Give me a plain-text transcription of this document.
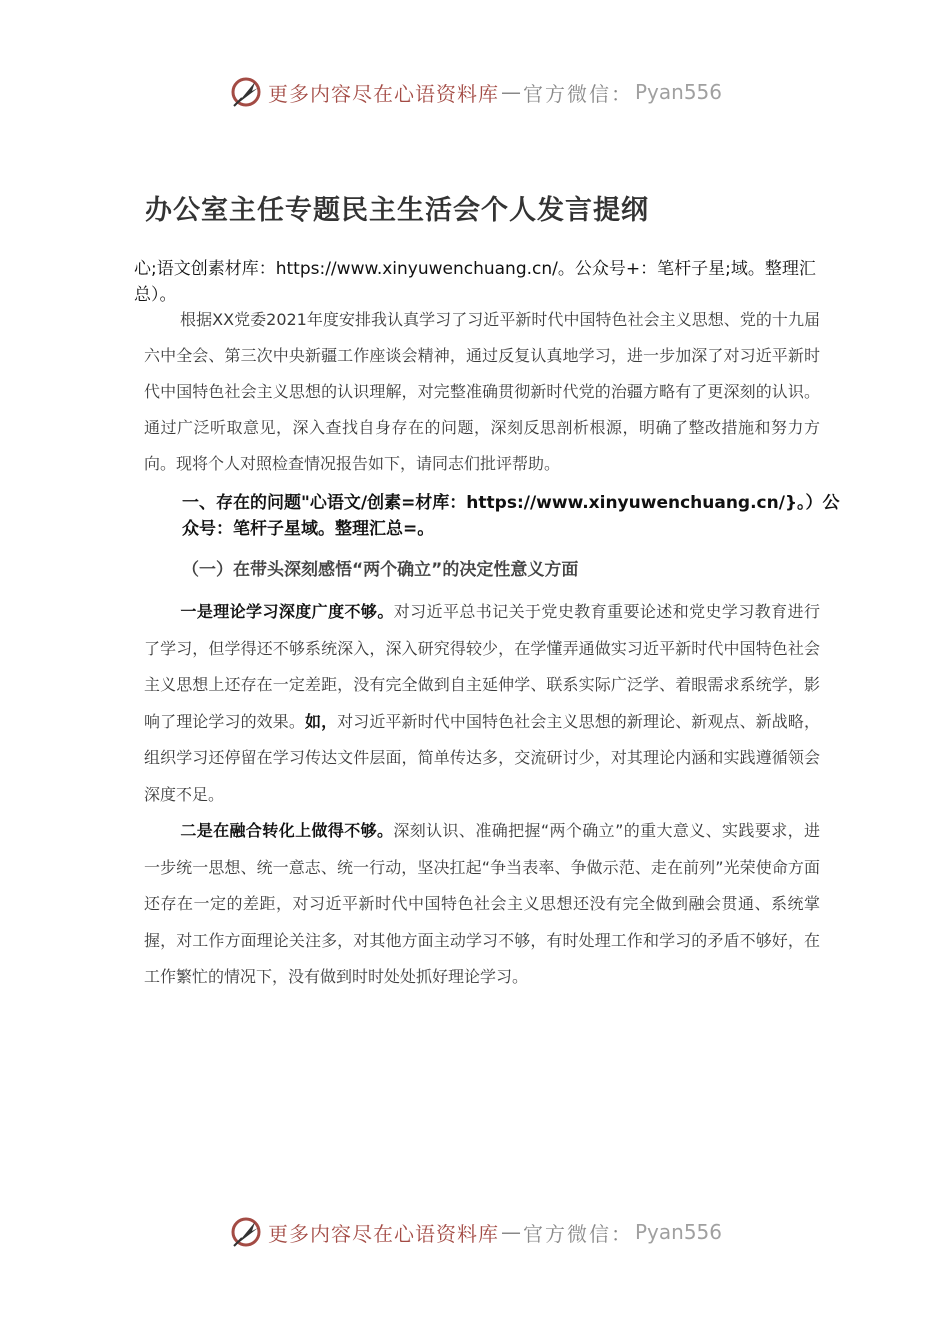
更多内容尽在心语资料库 — 官方微信： Pyan556
办公室主任专题民主生活会个人发言提纲

心;语文创素材库：https://www.xinyuwenchuang.cn/。公众号+：笔杆子星;域。整理汇总）。

根据XX党委2021年度安排我认真学习了习近平新时代中国特色社会主义思想、党的十九届六中全会、第三次中央新疆工作座谈会精神，通过反复认真地学习，进一步加深了对习近平新时代中国特色社会主义思想的认识理解，对完整准确贯彻新时代党的治疆方略有了更深刻的认识。通过广泛听取意见，深入查找自身存在的问题，深刻反思剖析根源，明确了整改措施和努力方向。现将个人对照检查情况报告如下，请同志们批评帮助。

一、存在的问题"心语文/创素=材库：https://www.xinyuwenchuang.cn/}。）公众号：笔杆子星域。整理汇总=。

（一）在带头深刻感悟“两个确立”的决定性意义方面

一是理论学习深度广度不够。对习近平总书记关于党史教育重要论述和党史学习教育进行了学习，但学得还不够系统深入，深入研究得较少，在学懂弄通做实习近平新时代中国特色社会主义思想上还存在一定差距，没有完全做到自主延伸学、联系实际广泛学、着眼需求系统学，影响了理论学习的效果。如，对习近平新时代中国特色社会主义思想的新理论、新观点、新战略，组织学习还停留在学习传达文件层面，简单传达多，交流研讨少，对其理论内涵和实践遵循领会深度不足。

二是在融合转化上做得不够。深刻认识、准确把握“两个确立”的重大意义、实践要求，进一步统一思想、统一意志、统一行动，坚决扛起“争当表率、争做示范、走在前列”光荣使命方面还存在一定的差距，对习近平新时代中国特色社会主义思想还没有完全做到融会贯通、系统掌握，对工作方面理论关注多，对其他方面主动学习不够，有时处理工作和学习的矛盾不够好，在工作繁忙的情况下，没有做到时时处处抓好理论学习。

更多内容尽在心语资料库 — 官方微信： Pyan556
